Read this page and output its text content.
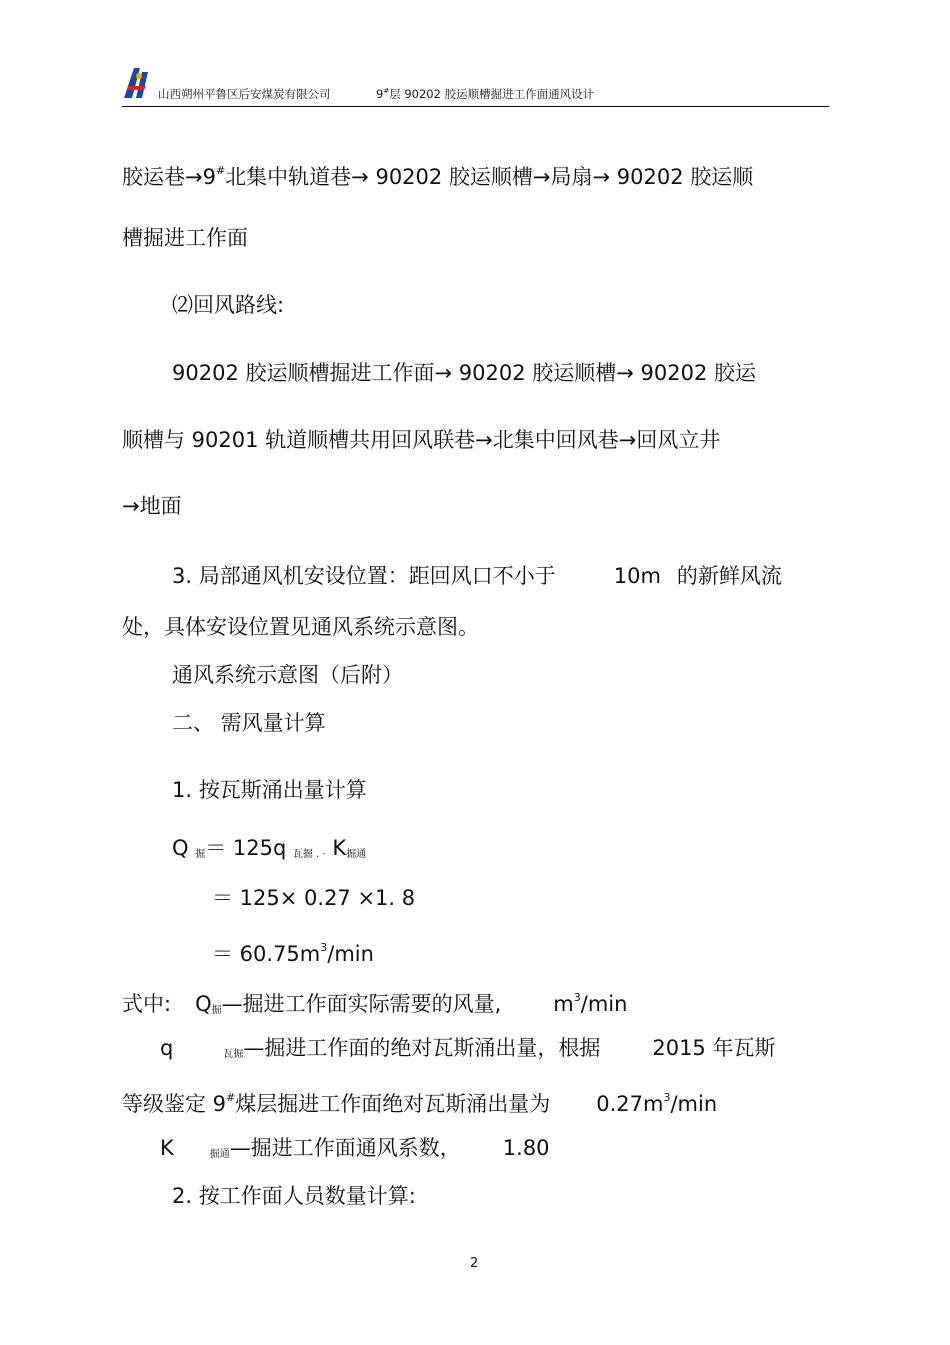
山西朔州平鲁区后安煤炭有限公司	9#层 90202 胶运顺槽掘进工作面通风设计
胶运巷→9#北集中轨道巷→ 90202 胶运顺槽→局扇→ 90202 胶运顺
槽掘进工作面
⑵回风路线:
90202 胶运顺槽掘进工作面→ 90202 胶运顺槽→ 90202 胶运
顺槽与 90201 轨道顺槽共用回风联巷→北集中回风巷→回风立井
→地面
3. 局部通风机安设位置：距回风口不小于	10m 的新鲜风流
处，具体安设位置见通风系统示意图。
通风系统示意图（后附）
二、 需风量计算
1. 按瓦斯涌出量计算
Q $_掘$＝ 125q $_{瓦掘 . \cdot}$ $K_{掘通}$
＝ 125× 0.27 ×1. 8
＝ $60.75m^3/\min$
式中: $Q_掘—$掘进工作面实际需要的风量, $m^3/\min$
q	$_{瓦掘}$—掘进工作面的绝对瓦斯涌出量，根据 2015 年瓦斯
等级鉴定 9#煤层掘进工作面绝对瓦斯涌出量为 $0.27m^3/\min$
K	$_{掘通}$—掘进工作面通风系数， 1.80
2. 按工作面人员数量计算:
2
